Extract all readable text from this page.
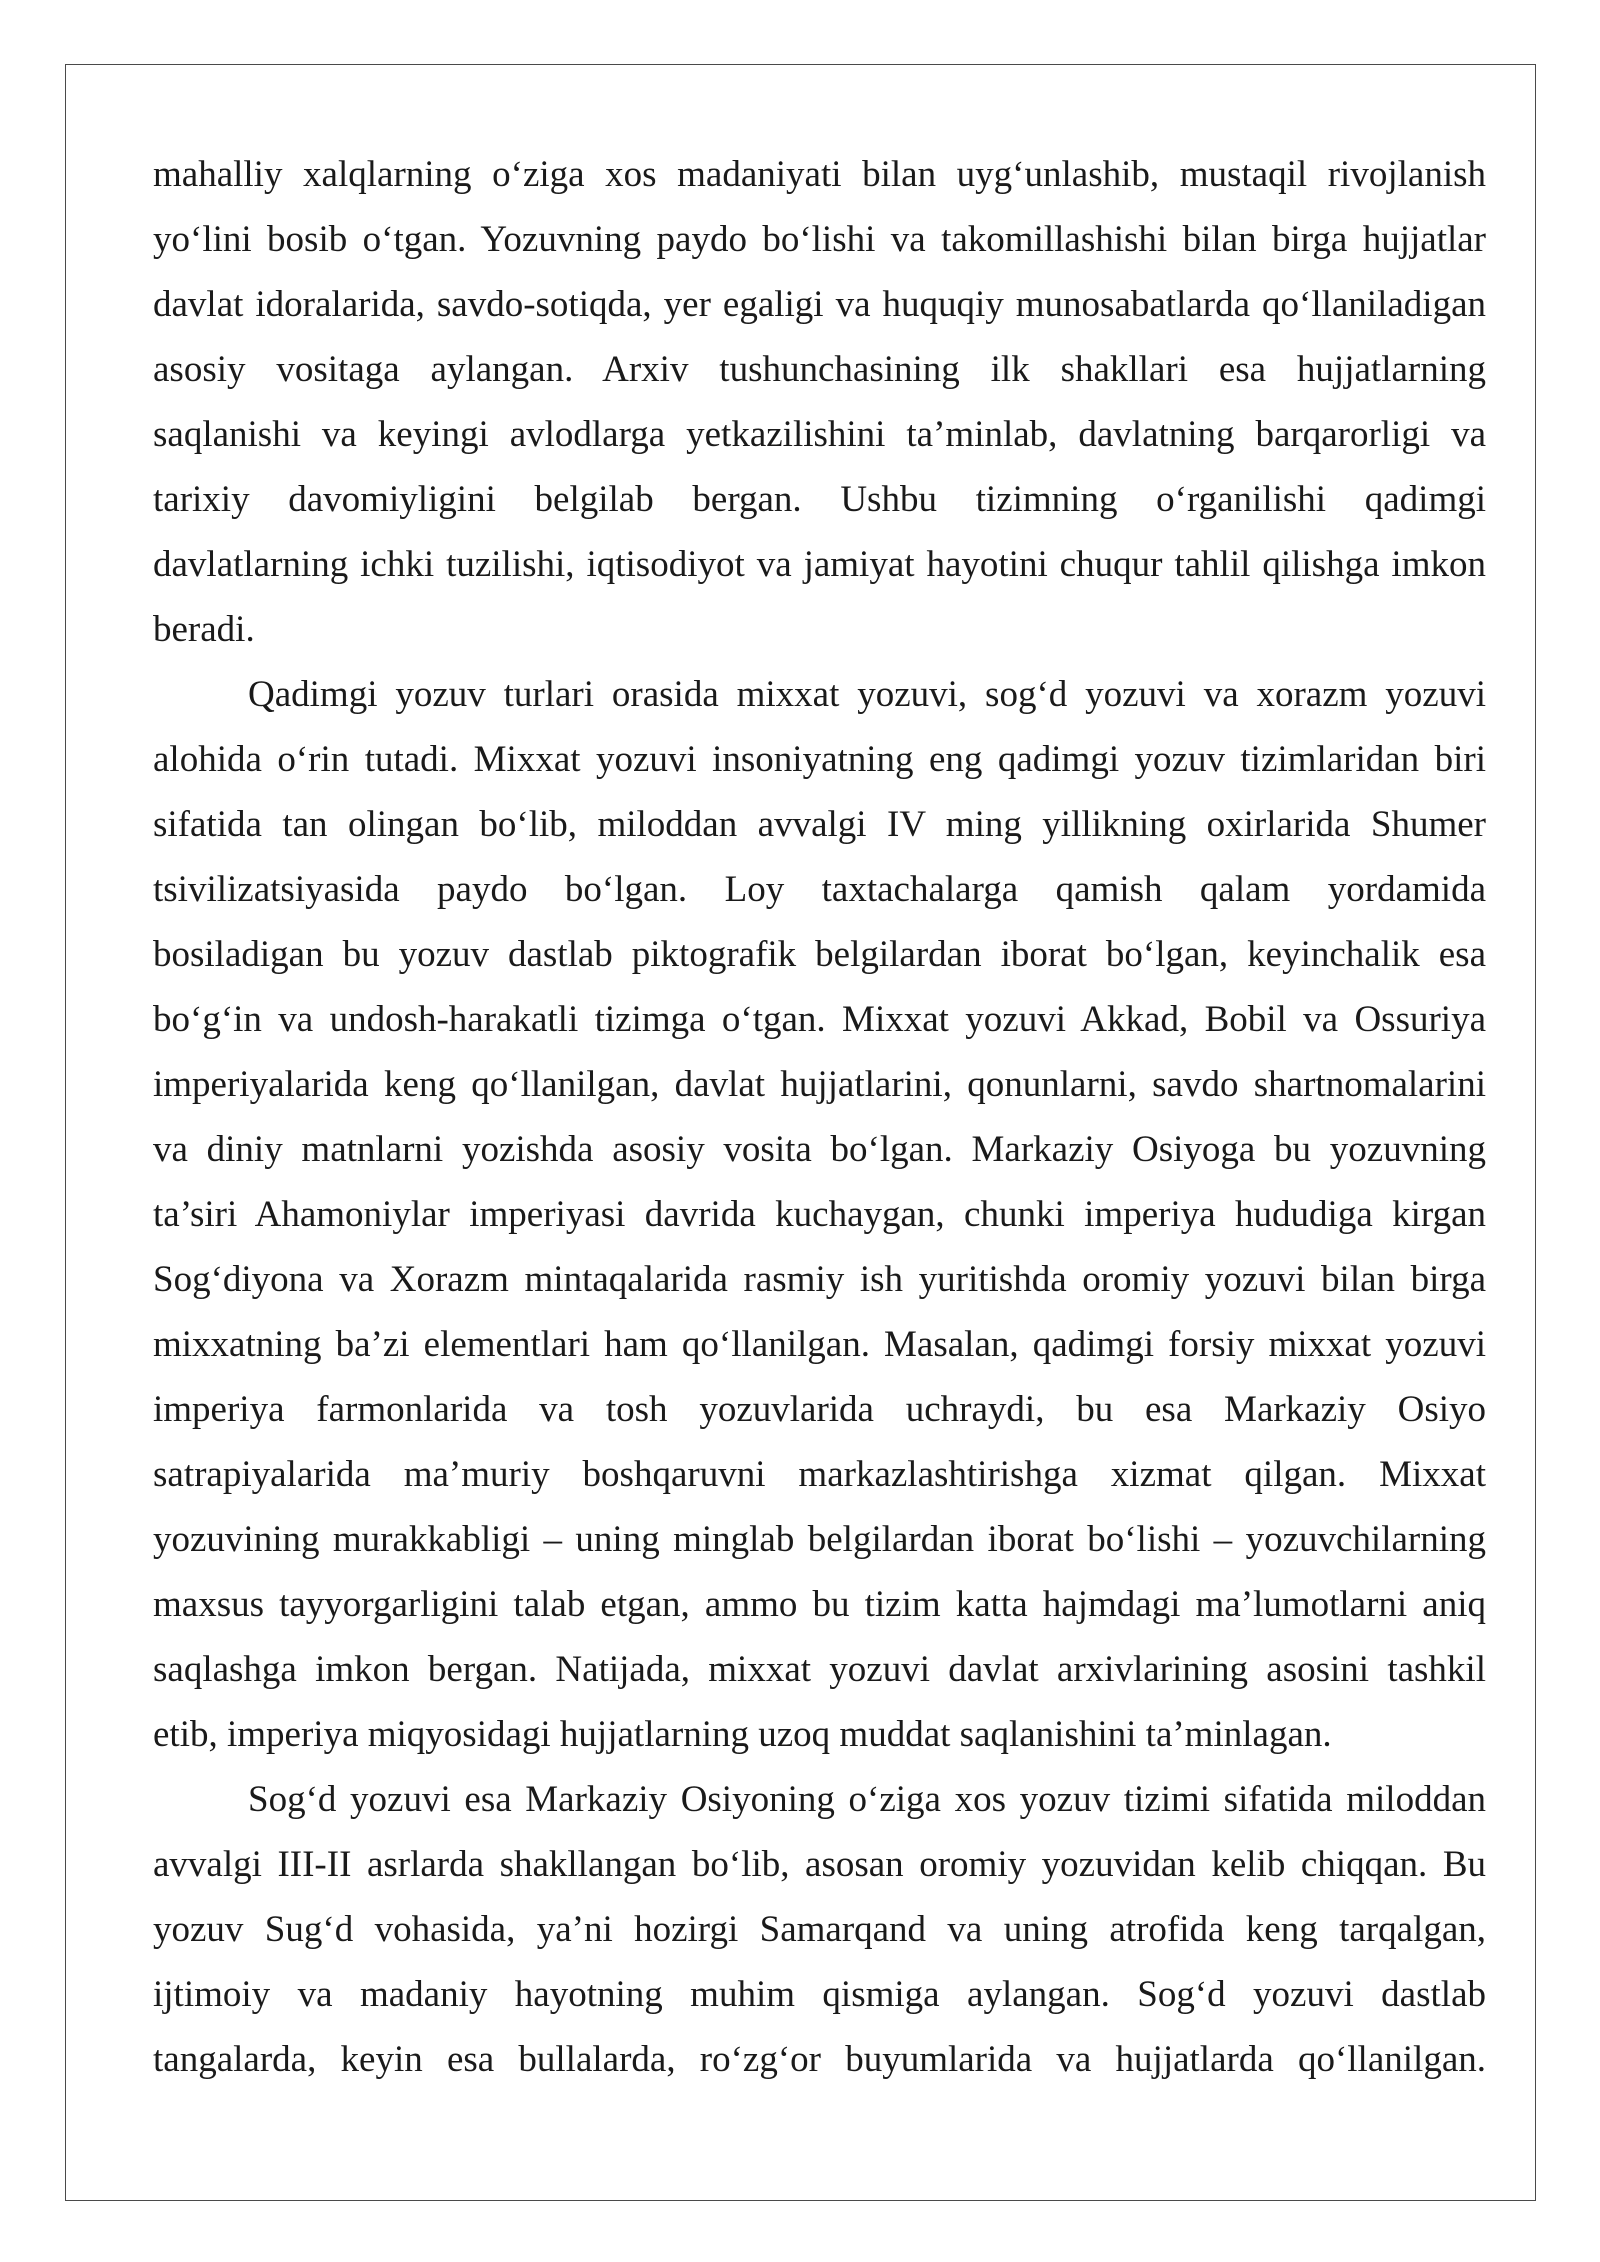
mahalliy xalqlarning o‘ziga xos madaniyati bilan uyg‘unlashib, mustaqil rivojlanish
yo‘lini bosib o‘tgan. Yozuvning paydo bo‘lishi va takomillashishi bilan birga hujjatlar
davlat idoralarida, savdo-sotiqda, yer egaligi va huquqiy munosabatlarda qo‘llaniladigan
asosiy vositaga aylangan. Arxiv tushunchasining ilk shakllari esa hujjatlarning
saqlanishi va keyingi avlodlarga yetkazilishini ta’minlab, davlatning barqarorligi va
tarixiy davomiyligini belgilab bergan. Ushbu tizimning o‘rganilishi qadimgi
davlatlarning ichki tuzilishi, iqtisodiyot va jamiyat hayotini chuqur tahlil qilishga imkon
beradi.
Qadimgi yozuv turlari orasida mixxat yozuvi, sog‘d yozuvi va xorazm yozuvi
alohida o‘rin tutadi. Mixxat yozuvi insoniyatning eng qadimgi yozuv tizimlaridan biri
sifatida tan olingan bo‘lib, miloddan avvalgi IV ming yillikning oxirlarida Shumer
tsivilizatsiyasida paydo bo‘lgan. Loy taxtachalarga qamish qalam yordamida
bosiladigan bu yozuv dastlab piktografik belgilardan iborat bo‘lgan, keyinchalik esa
bo‘g‘in va undosh-harakatli tizimga o‘tgan. Mixxat yozuvi Akkad, Bobil va Ossuriya
imperiyalarida keng qo‘llanilgan, davlat hujjatlarini, qonunlarni, savdo shartnomalarini
va diniy matnlarni yozishda asosiy vosita bo‘lgan. Markaziy Osiyoga bu yozuvning
ta’siri Ahamoniylar imperiyasi davrida kuchaygan, chunki imperiya hududiga kirgan
Sog‘diyona va Xorazm mintaqalarida rasmiy ish yuritishda oromiy yozuvi bilan birga
mixxatning ba’zi elementlari ham qo‘llanilgan. Masalan, qadimgi forsiy mixxat yozuvi
imperiya farmonlarida va tosh yozuvlarida uchraydi, bu esa Markaziy Osiyo
satrapiyalarida ma’muriy boshqaruvni markazlashtirishga xizmat qilgan. Mixxat
yozuvining murakkabligi – uning minglab belgilardan iborat bo‘lishi – yozuvchilarning
maxsus tayyorgarligini talab etgan, ammo bu tizim katta hajmdagi ma’lumotlarni aniq
saqlashga imkon bergan. Natijada, mixxat yozuvi davlat arxivlarining asosini tashkil
etib, imperiya miqyosidagi hujjatlarning uzoq muddat saqlanishini ta’minlagan.
Sog‘d yozuvi esa Markaziy Osiyoning o‘ziga xos yozuv tizimi sifatida miloddan
avvalgi III-II asrlarda shakllangan bo‘lib, asosan oromiy yozuvidan kelib chiqqan. Bu
yozuv Sug‘d vohasida, ya’ni hozirgi Samarqand va uning atrofida keng tarqalgan,
ijtimoiy va madaniy hayotning muhim qismiga aylangan. Sog‘d yozuvi dastlab
tangalarda, keyin esa bullalarda, ro‘zg‘or buyumlarida va hujjatlarda qo‘llanilgan.
